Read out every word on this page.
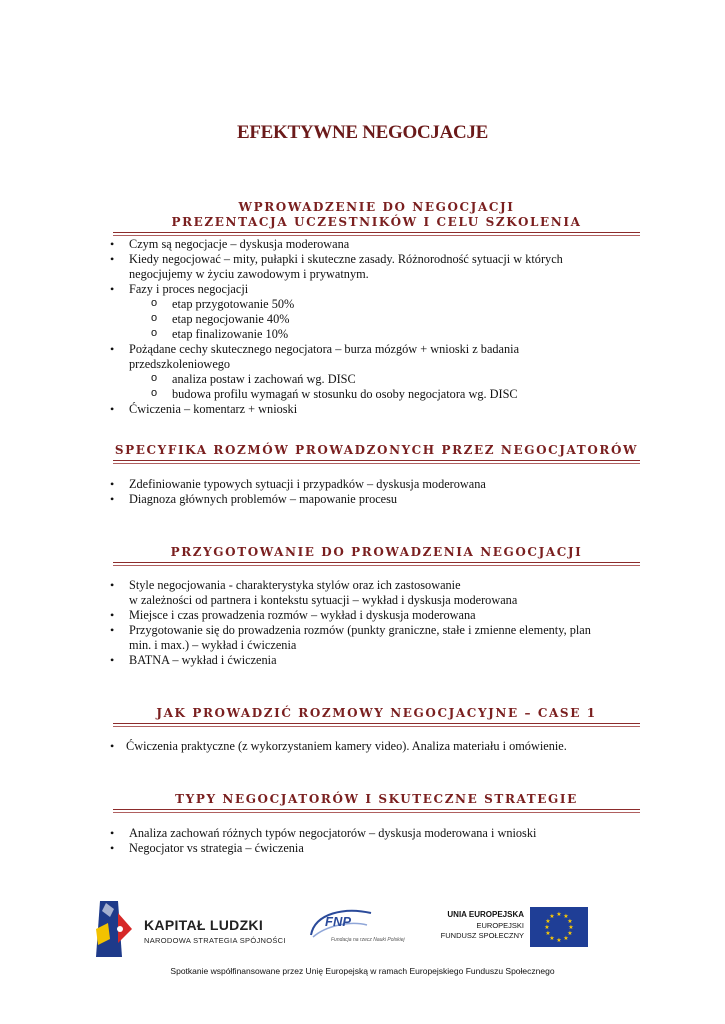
EFEKTYWNE NEGOCJACJE
WPROWADZENIE DO NEGOCJACJI
PREZENTACJA UCZESTNIKÓW I CELU SZKOLENIA
• Czym są negocjacje – dyskusja moderowana
• Kiedy negocjować – mity, pułapki i skuteczne zasady. Różnorodność sytuacji w których
negocjujemy w życiu zawodowym i prywatnym.
• Fazy i proces negocjacji
o etap przygotowanie 50%
o etap negocjowanie 40%
o etap finalizowanie 10%
• Pożądane cechy skutecznego negocjatora – burza mózgów + wnioski z badania
przedszkoleniowego
o analiza postaw i zachowań wg. DISC
o budowa profilu wymagań w stosunku do osoby negocjatora wg. DISC
• Ćwiczenia – komentarz + wnioski
SPECYFIKA ROZMÓW PROWADZONYCH PRZEZ NEGOCJATORÓW
• Zdefiniowanie typowych sytuacji i przypadków – dyskusja moderowana
• Diagnoza głównych problemów – mapowanie procesu
PRZYGOTOWANIE DO PROWADZENIA NEGOCJACJI
• Style negocjowania - charakterystyka stylów oraz ich zastosowanie
w zależności od partnera i kontekstu sytuacji – wykład i dyskusja moderowana
• Miejsce i czas prowadzenia rozmów – wykład i dyskusja moderowana
• Przygotowanie się do prowadzenia rozmów (punkty graniczne, stałe i zmienne elementy, plan
min. i max.) – wykład i ćwiczenia
• BATNA – wykład i ćwiczenia
JAK PROWADZIĆ ROZMOWY NEGOCJACYJNE – CASE 1
• Ćwiczenia praktyczne (z wykorzystaniem kamery video). Analiza materiału i omówienie.
TYPY NEGOCJATORÓW I SKUTECZNE STRATEGIE
• Analiza zachowań różnych typów negocjatorów – dyskusja moderowana i wnioski
• Negocjator vs strategia – ćwiczenia
KAPITAŁ LUDZKI
NARODOWA STRATEGIA SPÓJNOŚCI
FNP
Fundacja na rzecz Nauki Polskiej
UNIA EUROPEJSKA
EUROPEJSKI
FUNDUSZ SPOŁECZNY
★ ★
★
★
★
★
★
★
★
★
★
★
Spotkanie współfinansowane przez Unię Europejską w ramach Europejskiego Funduszu Społecznego
